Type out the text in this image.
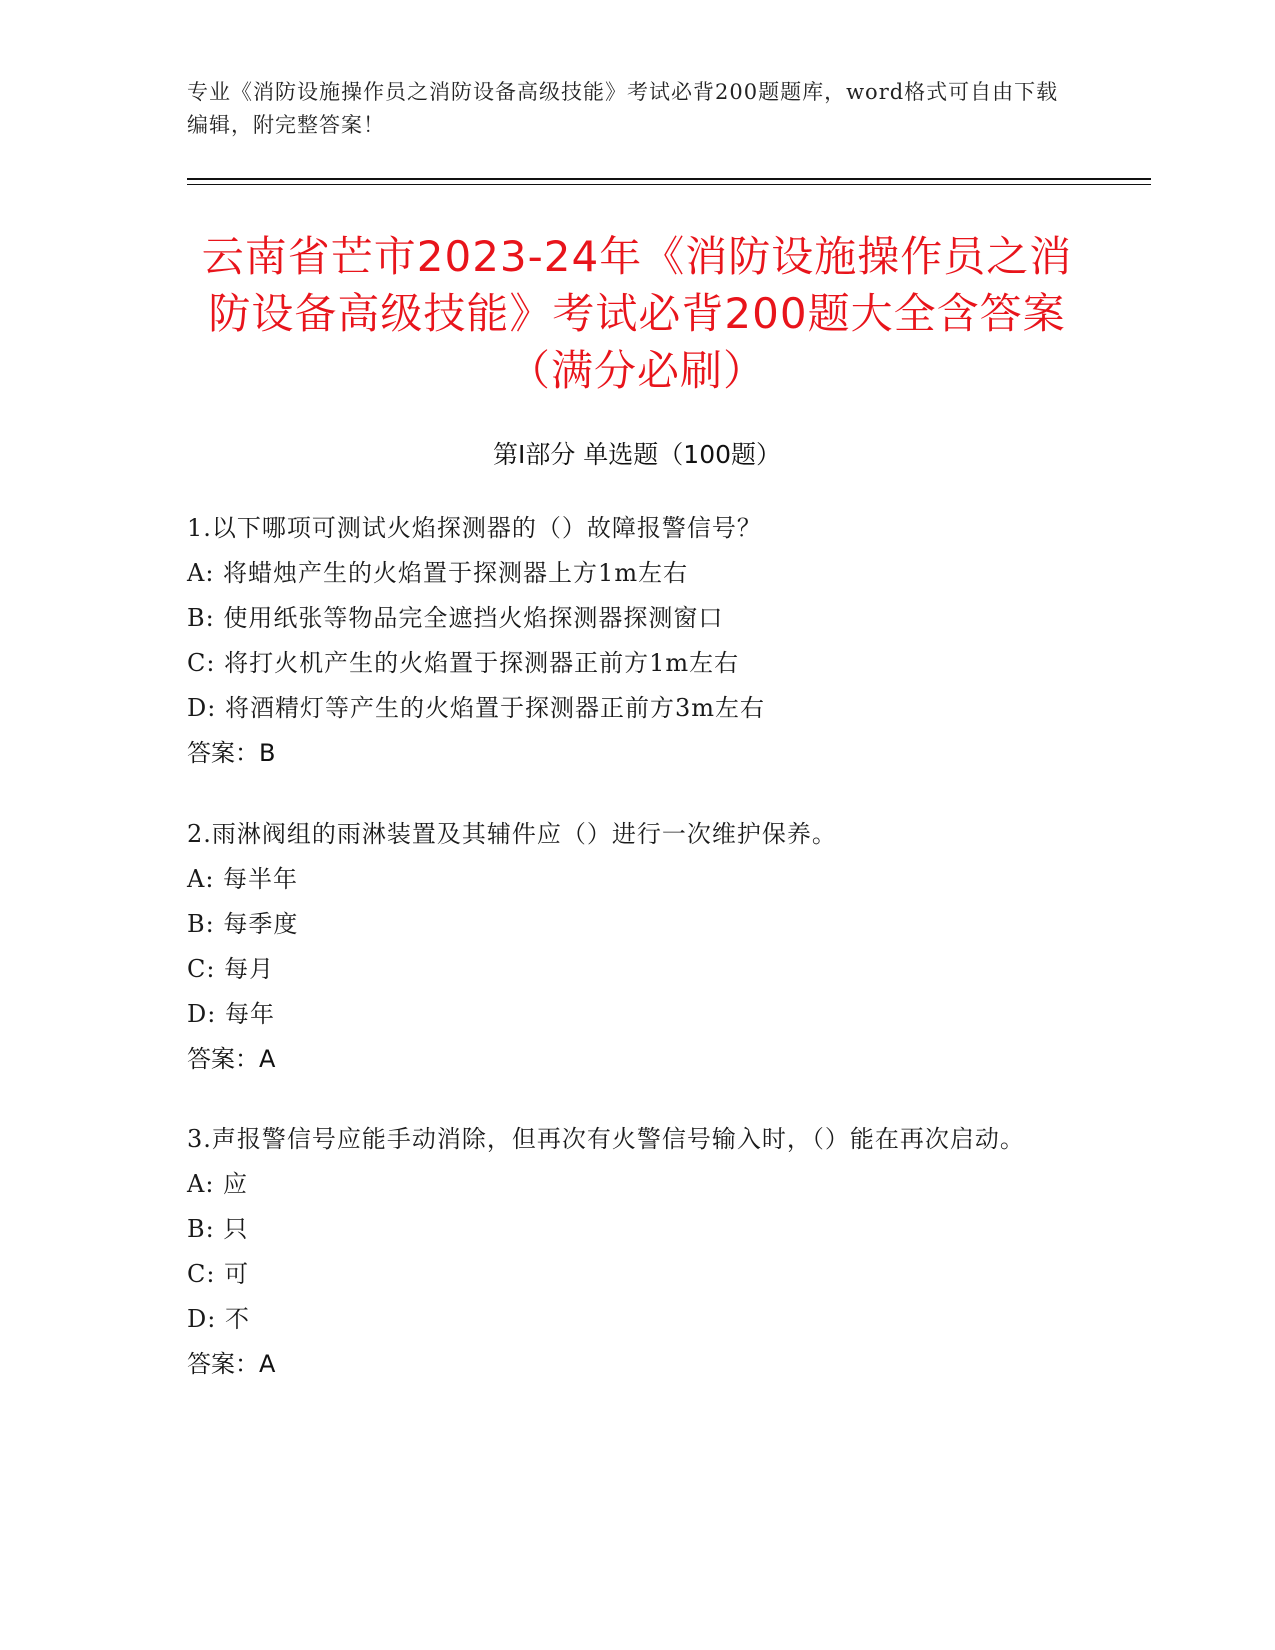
专业《消防设施操作员之消防设备高级技能》考试必背200题题库，word格式可自由下载编辑，附完整答案！
云南省芒市2023-24年《消防设施操作员之消防设备高级技能》考试必背200题大全含答案（满分必刷）
第I部分 单选题（100题）
1.以下哪项可测试火焰探测器的（）故障报警信号？
A: 将蜡烛产生的火焰置于探测器上方1m左右
B: 使用纸张等物品完全遮挡火焰探测器探测窗口
C: 将打火机产生的火焰置于探测器正前方1m左右
D: 将酒精灯等产生的火焰置于探测器正前方3m左右
答案：B
2.雨淋阀组的雨淋装置及其辅件应（）进行一次维护保养。
A: 每半年
B: 每季度
C: 每月
D: 每年
答案：A
3.声报警信号应能手动消除，但再次有火警信号输入时，（）能在再次启动。
A: 应
B: 只
C: 可
D: 不
答案：A
